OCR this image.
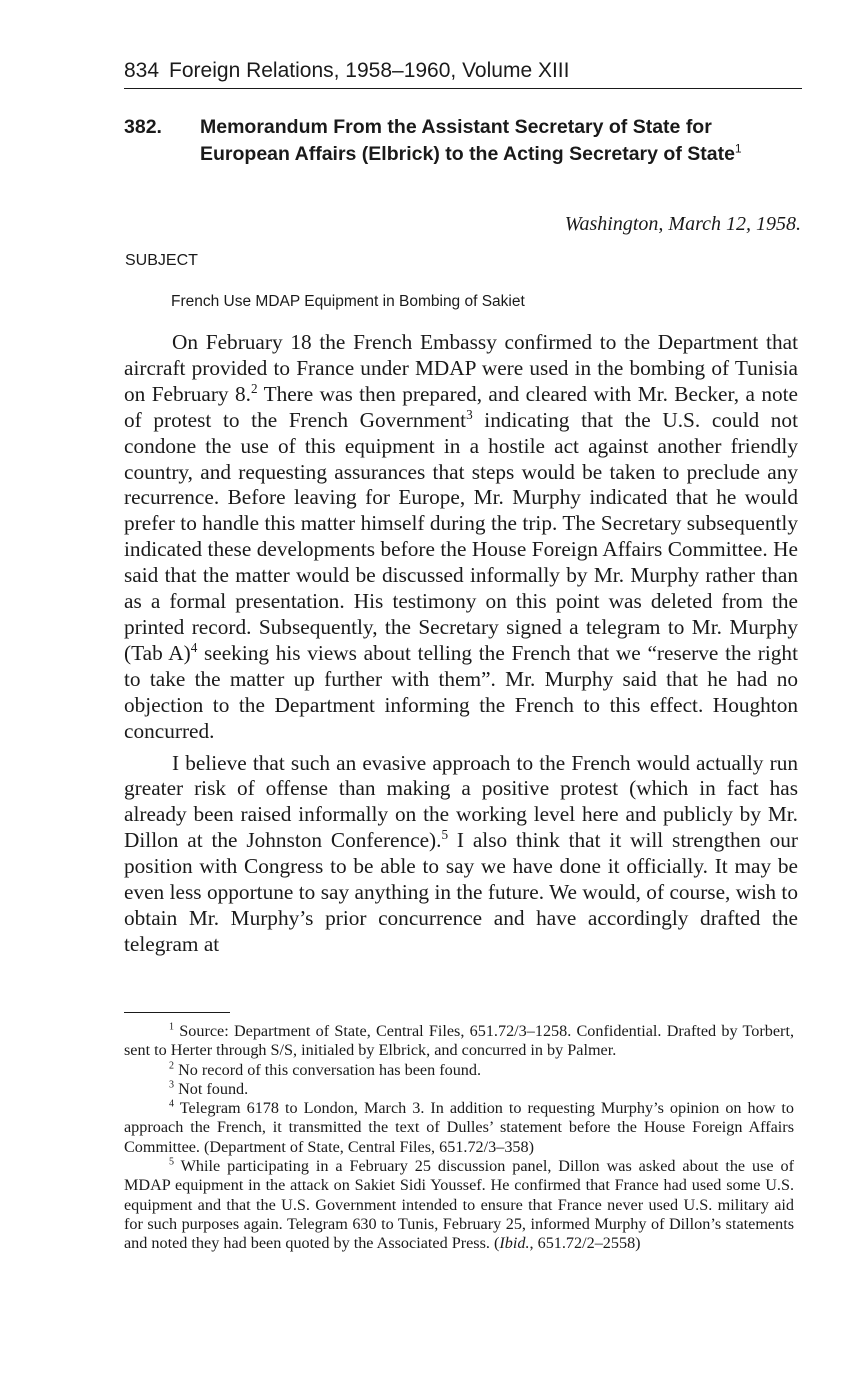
834 Foreign Relations, 1958–1960, Volume XIII
382. Memorandum From the Assistant Secretary of State for European Affairs (Elbrick) to the Acting Secretary of State$^1$
Washington, March 12, 1958.
SUBJECT
French Use MDAP Equipment in Bombing of Sakiet

On February 18 the French Embassy confirmed to the Department that aircraft provided to France under MDAP were used in the bombing of Tunisia on February 8.$^2$ There was then prepared, and cleared with Mr. Becker, a note of protest to the French Government$^3$ indicating that the U.S. could not condone the use of this equipment in a hostile act against another friendly country, and requesting assurances that steps would be taken to preclude any recurrence. Before leaving for Europe, Mr. Murphy indicated that he would prefer to handle this matter himself during the trip. The Secretary subsequently indicated these developments before the House Foreign Affairs Committee. He said that the matter would be discussed informally by Mr. Murphy rather than as a formal presentation. His testimony on this point was deleted from the printed record. Subsequently, the Secretary signed a telegram to Mr. Murphy (Tab A)$^4$ seeking his views about telling the French that we “reserve the right to take the matter up further with them”. Mr. Murphy said that he had no objection to the Department informing the French to this effect. Houghton concurred.

I believe that such an evasive approach to the French would actually run greater risk of offense than making a positive protest (which in fact has already been raised informally on the working level here and publicly by Mr. Dillon at the Johnston Conference).$^5$ I also think that it will strengthen our position with Congress to be able to say we have done it officially. It may be even less opportune to say anything in the future. We would, of course, wish to obtain Mr. Murphy’s prior concurrence and have accordingly drafted the telegram at

$^1$ Source: Department of State, Central Files, 651.72/3–1258. Confidential. Drafted by Torbert, sent to Herter through S/S, initialed by Elbrick, and concurred in by Palmer.

$^2$ No record of this conversation has been found.

$^3$ Not found.

$^4$ Telegram 6178 to London, March 3. In addition to requesting Murphy’s opinion on how to approach the French, it transmitted the text of Dulles’ statement before the House Foreign Affairs Committee. (Department of State, Central Files, 651.72/3–358)

$^5$ While participating in a February 25 discussion panel, Dillon was asked about the use of MDAP equipment in the attack on Sakiet Sidi Youssef. He confirmed that France had used some U.S. equipment and that the U.S. Government intended to ensure that France never used U.S. military aid for such purposes again. Telegram 630 to Tunis, February 25, informed Murphy of Dillon’s statements and noted they had been quoted by the Associated Press. (Ibid., 651.72/2–2558)
